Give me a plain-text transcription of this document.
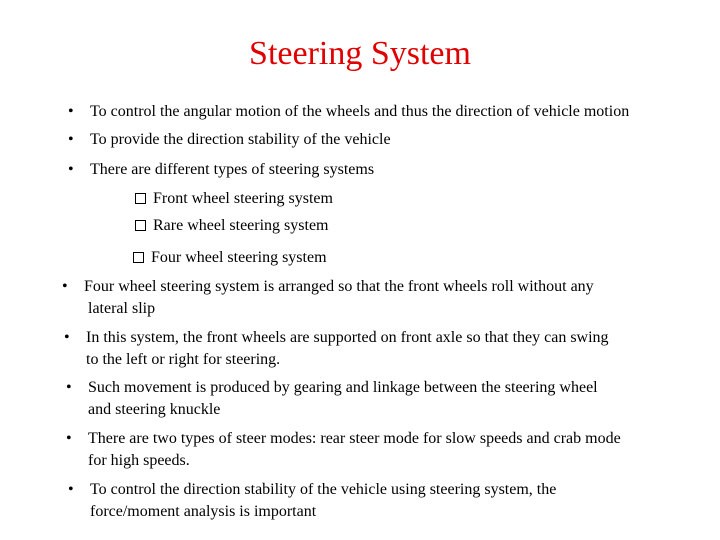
Steering System
•	To control the angular motion of the wheels and thus the direction of vehicle motion
•	To provide the direction stability of the vehicle
•	There are different types of steering systems
Front wheel steering system
Rare wheel steering system
Four wheel steering system
•	Four wheel steering system is arranged so that the front wheels roll without any
lateral slip
•	In this system, the front wheels are supported on front axle so that they can swing
to the left or right for steering.
•	Such movement is produced by gearing and linkage between the steering wheel
and steering knuckle
•	There are two types of steer modes: rear steer mode for slow speeds and crab mode
for high speeds.
•	To control the direction stability of the vehicle using steering system, the
force/moment analysis is important
